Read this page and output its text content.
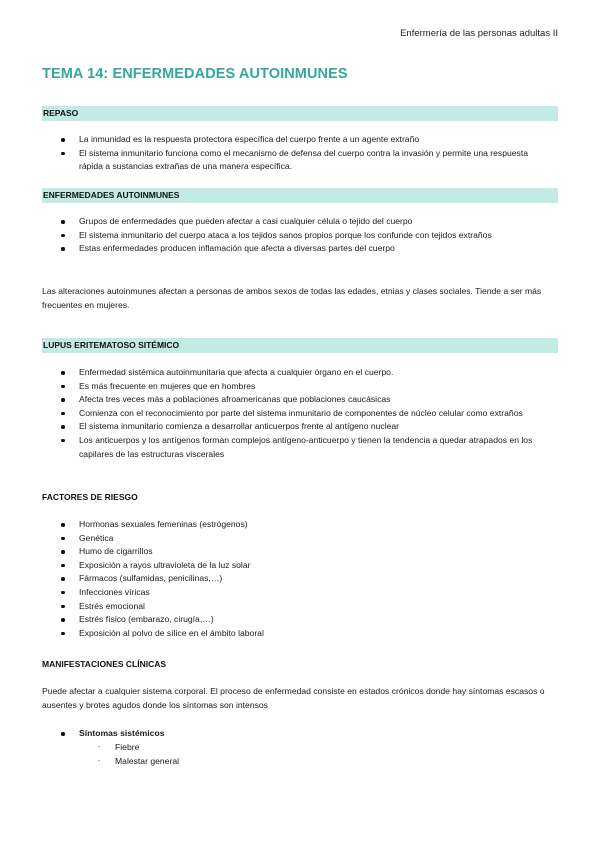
Enfermería de las personas adultas II
TEMA 14: ENFERMEDADES AUTOINMUNES
REPASO
La inmunidad es la respuesta protectora específica del cuerpo frente a un agente extraño
El sistema inmunitario funciona como el mecanismo de defensa del cuerpo contra la invasión y permite una respuesta rápida a sustancias extrañas de una manera específica.
ENFERMEDADES AUTOINMUNES
Grupos de enfermedades que pueden afectar a casi cualquier célula o tejido del cuerpo
El sistema inmunitario del cuerpo ataca a los tejidos sanos propios porque los confunde con tejidos extraños
Estas enfermedades producen inflamación que afecta a diversas partes del cuerpo

Las alteraciones autoinmunes afectan a personas de ambos sexos de todas las edades, etnias y clases sociales. Tiende a ser más frecuentes en mujeres.

LUPUS ERITEMATOSO SITÉMICO
Enfermedad sistémica autoinmunitaria que afecta a cualquier órgano en el cuerpo.
Es más frecuente en mujeres que en hombres
Afecta tres veces más a poblaciones afroamericanas que poblaciones caucásicas
Comienza con el reconocimiento por parte del sistema inmunitario de componentes de núcleo celular como extraños
El sistema inmunitario comienza a desarrollar anticuerpos frente al antígeno nuclear
Los anticuerpos y los antígenos forman complejos antígeno-anticuerpo y tienen la tendencia a quedar atrapados en los capilares de las estructuras viscerales
FACTORES DE RIESGO
Hormonas sexuales femeninas (estrógenos)
Genética
Humo de cigarrillos
Exposición a rayos ultravioleta de la luz solar
Fármacos (sulfamidas, penicilinas,…)
Infecciones víricas
Estrés emocional
Estrés físico (embarazo, cirugía,…)
Exposición al polvo de sílice en el ámbito laboral
MANIFESTACIONES CLÍNICAS

Puede afectar a cualquier sistema corporal. El proceso de enfermedad consiste en estados crónicos donde hay síntomas escasos o ausentes y brotes agudos donde los síntomas son intensos

Síntomas sistémicos
- Fiebre
- Malestar general
